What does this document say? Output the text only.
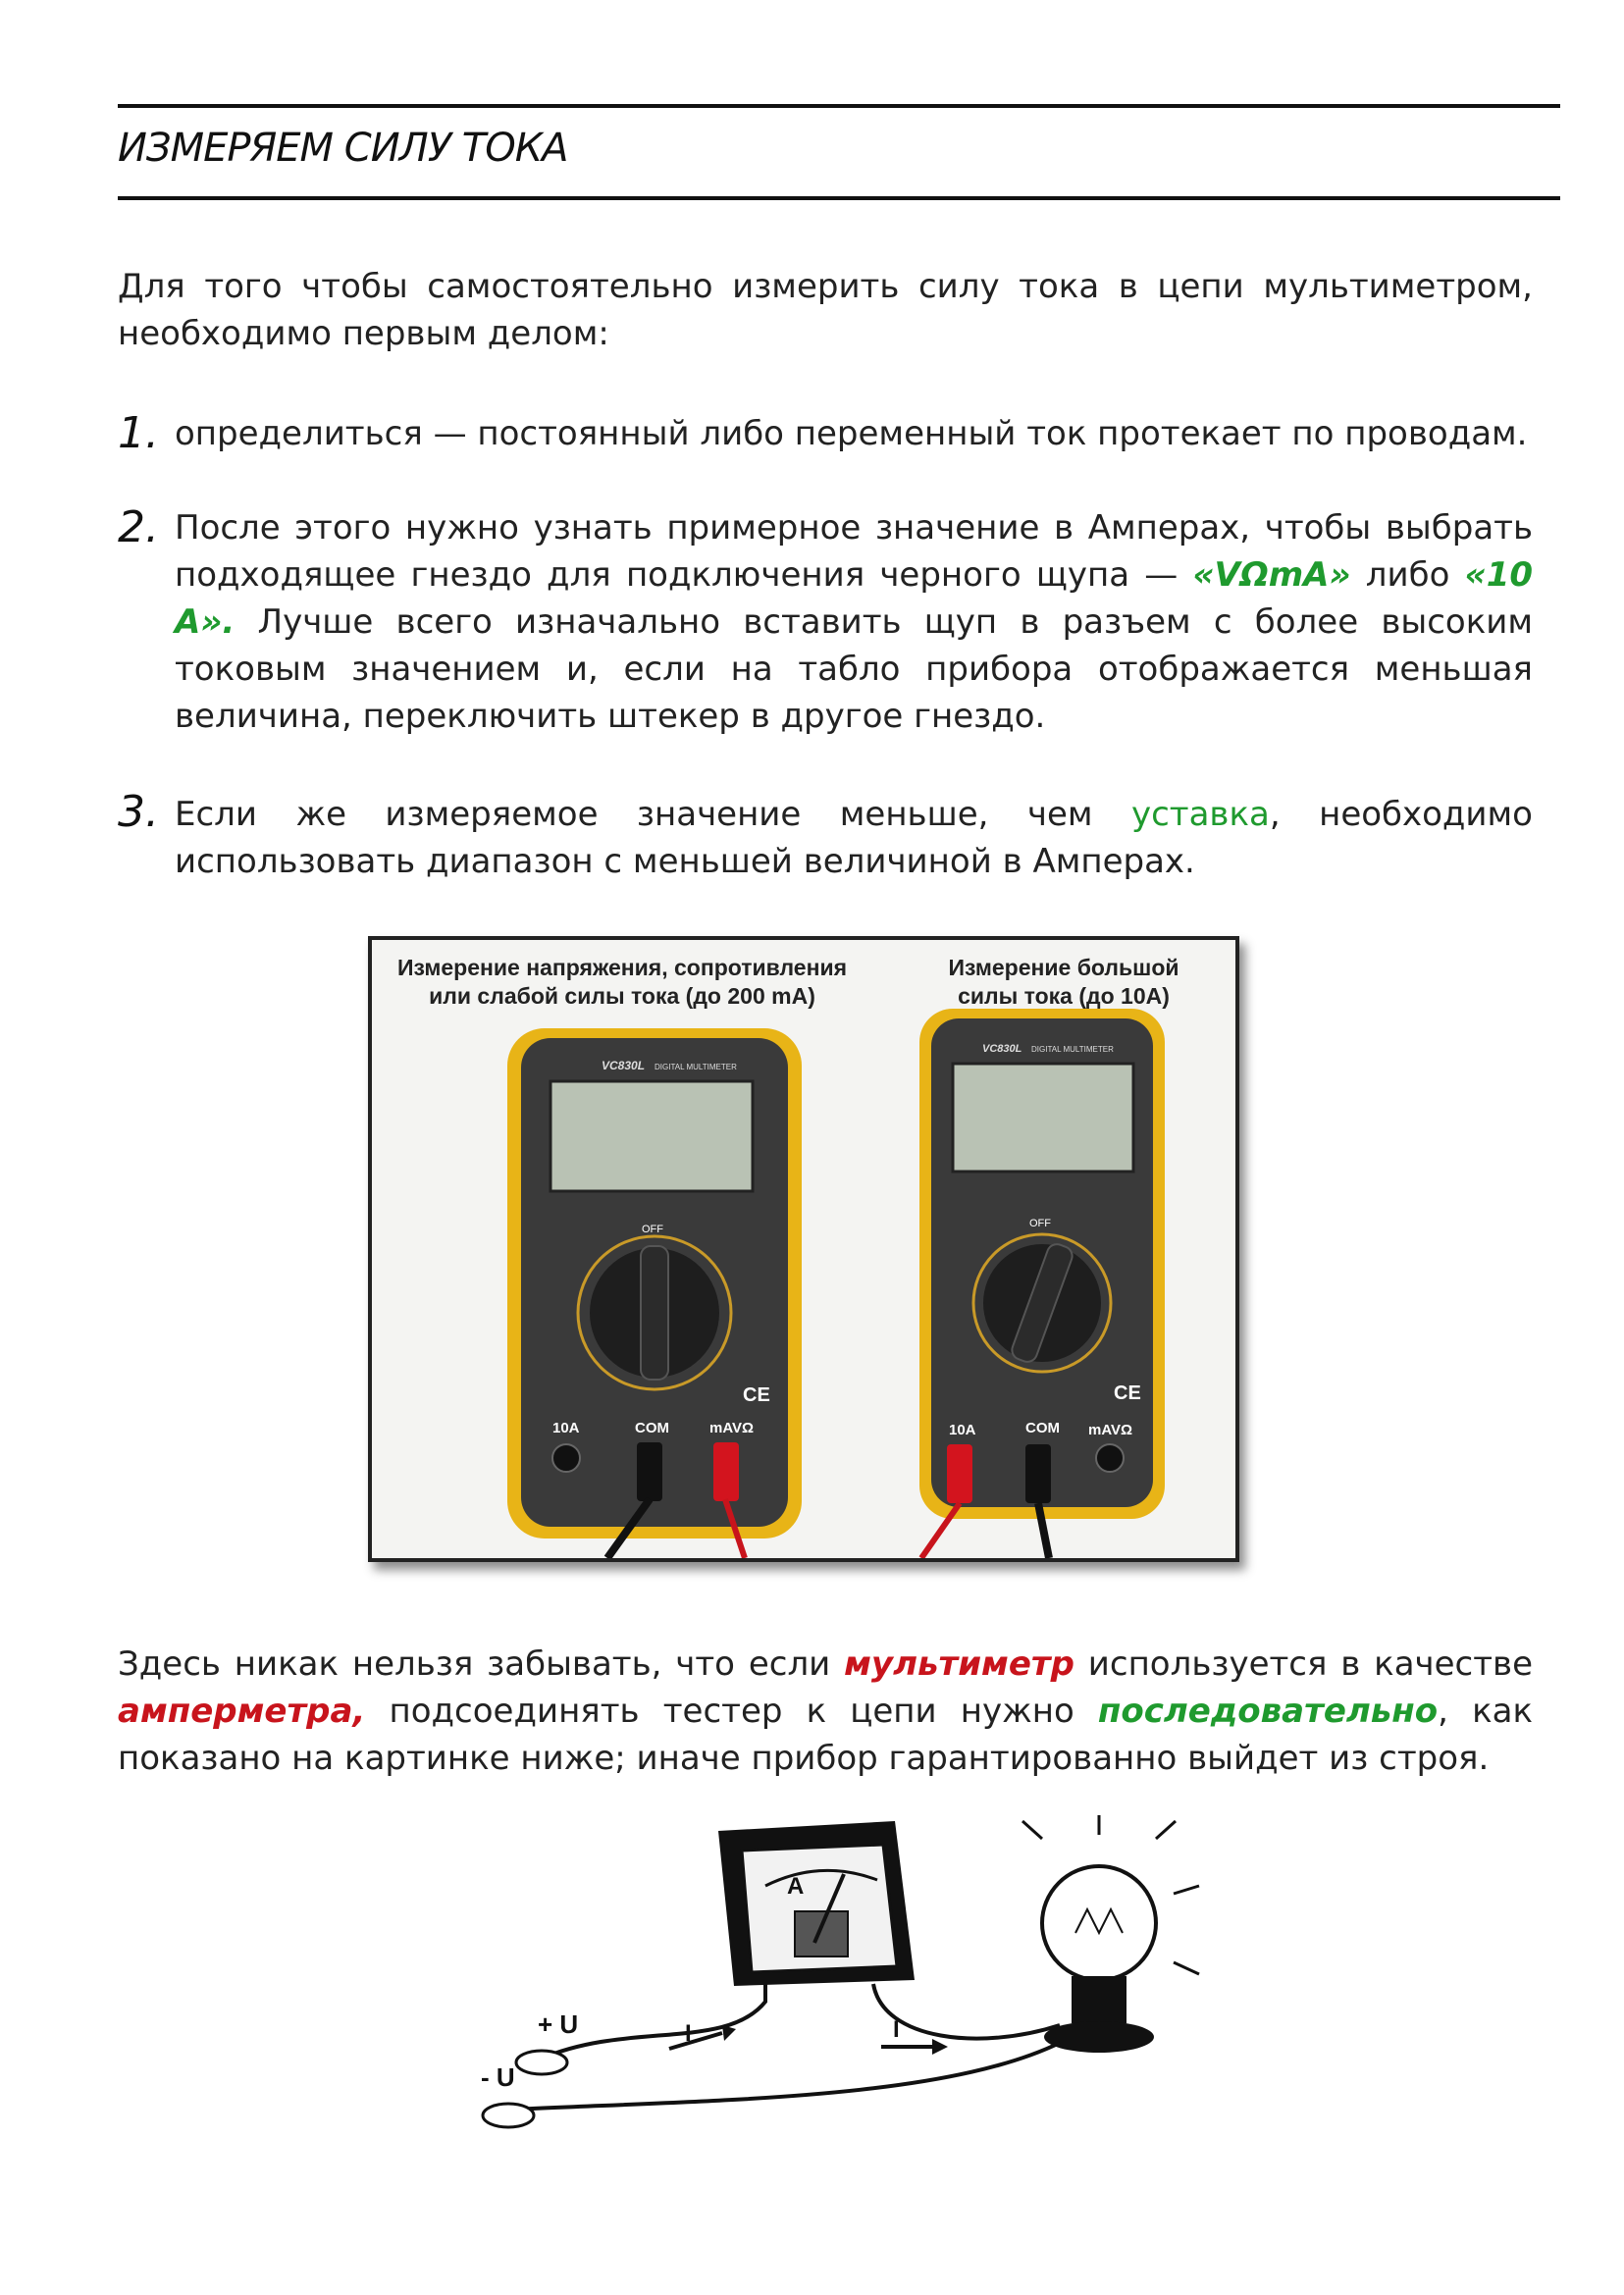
ИЗМЕРЯЕМ СИЛУ ТОКА

Для того чтобы самостоятельно измерить силу тока в цепи мультиметром, необходимо первым делом:

1. определиться — постоянный либо переменный ток протекает по проводам.
2. После этого нужно узнать примерное значение в Амперах, чтобы выбрать подходящее гнездо для подключения черного щупа — «VΩmA» либо «10 А». Лучше всего изначально вставить щуп в разъем с более высоким токовым значением и, если на табло прибора отображается меньшая величина, переключить штекер в другое гнездо.
3. Если же измеряемое значение меньше, чем уставка, необходимо использовать диапазон с меньшей величиной в Амперах.
Измерение напряжения, сопротивления или слабой силы тока (до 200 mA)
Измерение большой силы тока (до 10A)
VC830L DIGITAL MULTIMETER
OFF
CE
10A	COM	mAVΩ
VC830L DIGITAL MULTIMETER
OFF
CE
10A	COM mAVΩ

Здесь никак нельзя забывать, что если мультиметр используется в качестве амперметра, подсоединять тестер к цепи нужно последовательно, как показано на картинке ниже; иначе прибор гарантированно выйдет из строя.

A
+ U
- U
I	I
